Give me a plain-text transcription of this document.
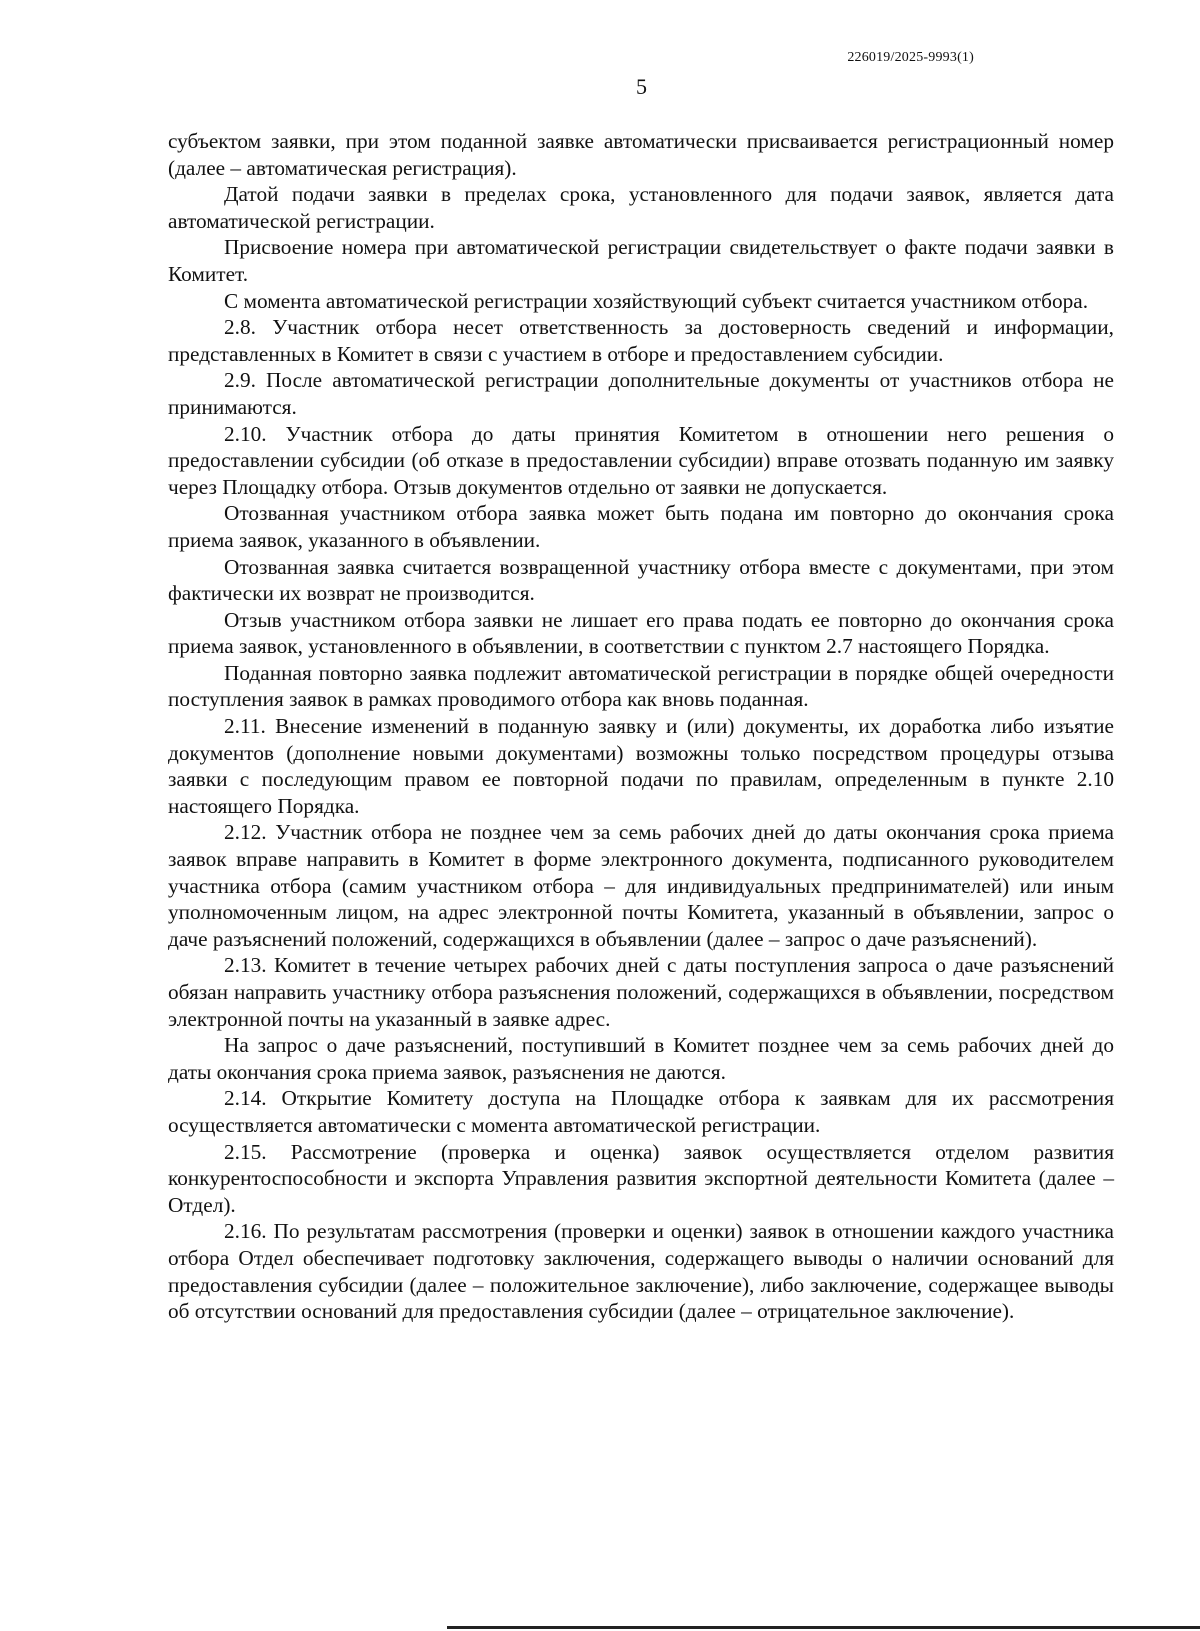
226019/2025-9993(1)
5

субъектом заявки, при этом поданной заявке автоматически присваивается регистрационный номер (далее – автоматическая регистрация).

Датой подачи заявки в пределах срока, установленного для подачи заявок, является дата автоматической регистрации.

Присвоение номера при автоматической регистрации свидетельствует о факте подачи заявки в Комитет.

С момента автоматической регистрации хозяйствующий субъект считается участником отбора.

2.8. Участник отбора несет ответственность за достоверность сведений и информации, представленных в Комитет в связи с участием в отборе и предоставлением субсидии.

2.9. После автоматической регистрации дополнительные документы от участников отбора не принимаются.

2.10. Участник отбора до даты принятия Комитетом в отношении него решения о предоставлении субсидии (об отказе в предоставлении субсидии) вправе отозвать поданную им заявку через Площадку отбора. Отзыв документов отдельно от заявки не допускается.

Отозванная участником отбора заявка может быть подана им повторно до окончания срока приема заявок, указанного в объявлении.

Отозванная заявка считается возвращенной участнику отбора вместе с документами, при этом фактически их возврат не производится.

Отзыв участником отбора заявки не лишает его права подать ее повторно до окончания срока приема заявок, установленного в объявлении, в соответствии с пунктом 2.7 настоящего Порядка.

Поданная повторно заявка подлежит автоматической регистрации в порядке общей очередности поступления заявок в рамках проводимого отбора как вновь поданная.

2.11. Внесение изменений в поданную заявку и (или) документы, их доработка либо изъятие документов (дополнение новыми документами) возможны только посредством процедуры отзыва заявки с последующим правом ее повторной подачи по правилам, определенным в пункте 2.10 настоящего Порядка.

2.12. Участник отбора не позднее чем за семь рабочих дней до даты окончания срока приема заявок вправе направить в Комитет в форме электронного документа, подписанного руководителем участника отбора (самим участником отбора – для индивидуальных предпринимателей) или иным уполномоченным лицом, на адрес электронной почты Комитета, указанный в объявлении, запрос о даче разъяснений положений, содержащихся в объявлении (далее – запрос о даче разъяснений).

2.13. Комитет в течение четырех рабочих дней с даты поступления запроса о даче разъяснений обязан направить участнику отбора разъяснения положений, содержащихся в объявлении, посредством электронной почты на указанный в заявке адрес.

На запрос о даче разъяснений, поступивший в Комитет позднее чем за семь рабочих дней до даты окончания срока приема заявок, разъяснения не даются.

2.14. Открытие Комитету доступа на Площадке отбора к заявкам для их рассмотрения осуществляется автоматически с момента автоматической регистрации.

2.15. Рассмотрение (проверка и оценка) заявок осуществляется отделом развития конкурентоспособности и экспорта Управления развития экспортной деятельности Комитета (далее – Отдел).

2.16. По результатам рассмотрения (проверки и оценки) заявок в отношении каждого участника отбора Отдел обеспечивает подготовку заключения, содержащего выводы о наличии оснований для предоставления субсидии (далее – положительное заключение), либо заключение, содержащее выводы об отсутствии оснований для предоставления субсидии (далее – отрицательное заключение).
